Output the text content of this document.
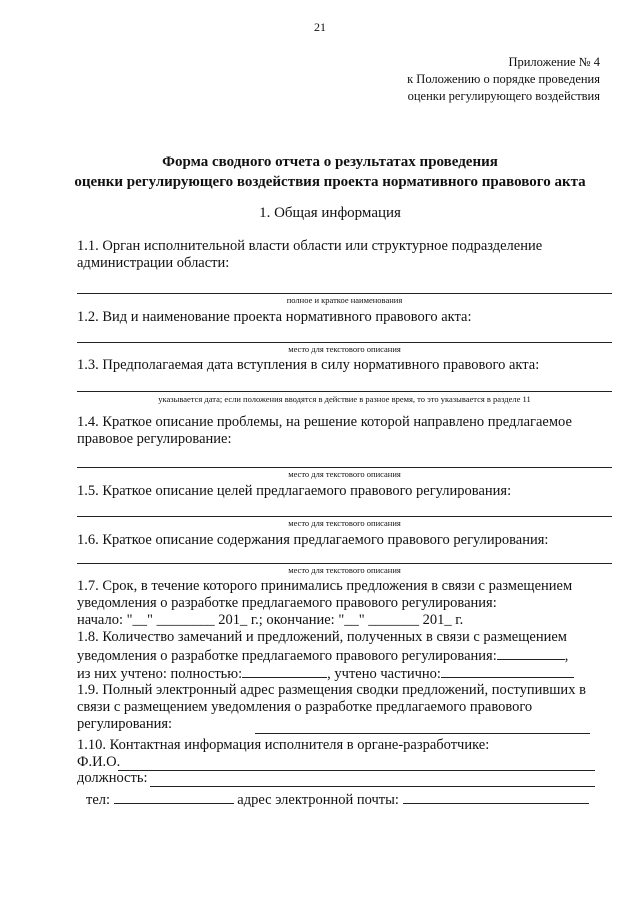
21
Приложение № 4
к Положению о порядке проведения
оценки регулирующего воздействия
Форма сводного отчета о результатах проведения
оценки регулирующего воздействия проекта нормативного правового акта
1. Общая информация
1.1. Орган исполнительной власти области или структурное подразделение администрации области:
полное и краткое наименования
1.2. Вид и наименование проекта нормативного правового акта:
место для текстового описания
1.3. Предполагаемая дата вступления в силу нормативного правового акта:
указывается дата; если положения вводятся в действие в разное время, то это указывается в разделе 11
1.4. Краткое описание проблемы, на решение которой направлено предлагаемое правовое регулирование:
место для текстового описания
1.5. Краткое описание целей предлагаемого правового регулирования:
место для текстового описания
1.6. Краткое описание содержания предлагаемого правового регулирования:
место для текстового описания
1.7. Срок, в течение которого принимались предложения в связи с размещением уведомления о разработке предлагаемого правового регулирования:
начало: "__" ________ 201_ г.; окончание: "__" _______ 201_ г.
1.8. Количество замечаний и предложений, полученных в связи с размещением уведомления о разработке предлагаемого правового регулирования:	,
из них учтено: полностью:	, учтено частично:
1.9. Полный электронный адрес размещения сводки предложений, поступивших в связи с размещением уведомления о разработке предлагаемого правового регулирования:
1.10. Контактная информация исполнителя в органе-разработчике:
Ф.И.О.
должность:
тел:	адрес электронной почты:
